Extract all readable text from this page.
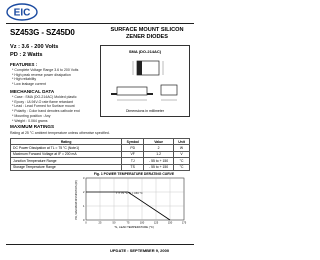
EIC
SZ453G - SZ45D0	SURFACE MOUNT SILICON
ZENER DIODES
Vz : 3.6 - 200 Volts
PD : 2 Watts
FEATURES :
* Complete Voltage Range 3.6 to 200 Volts
* High peak reverse power dissipation
* High reliability
* Low leakage current
MECHANICAL DATA
* Case : SMA (DO-214AC) Molded plastic
* Epoxy : UL94V-O rate flame retardant
* Lead : Lead Formed for Surface mount
* Polarity : Color band denotes cathode end
* Mounting position : Any
* Weight : 0.064 grams
SMA (DO-214AC)
Dimensions in millimeter
MAXIMUM RATINGS
Rating at 25 °C ambient temperature unless otherwise specified.
Rating	Symbol	Value	Unit
DC Power Dissipation at TL = 75 °C (Note1)	PD	2	W
Maximum Forward Voltage at IF = 200 mA	VF	1.2	V
Junction Temperature Range	TJ	- 55 to + 150	°C
Storage Temperature Range	TS	- 55 to + 150	°C
Fig. 1 POWER TEMPERATURE DERATING CURVE
PD, MAXIMUM DISSIPATION (W)
TL, LEAD TEMPERATURE (°C)
0	25	50	75	100	125	150	175
0
1
2
3
T = 75 °C Tj = 150 °C
UPDATE : SEPTEMBER 9, 2000
